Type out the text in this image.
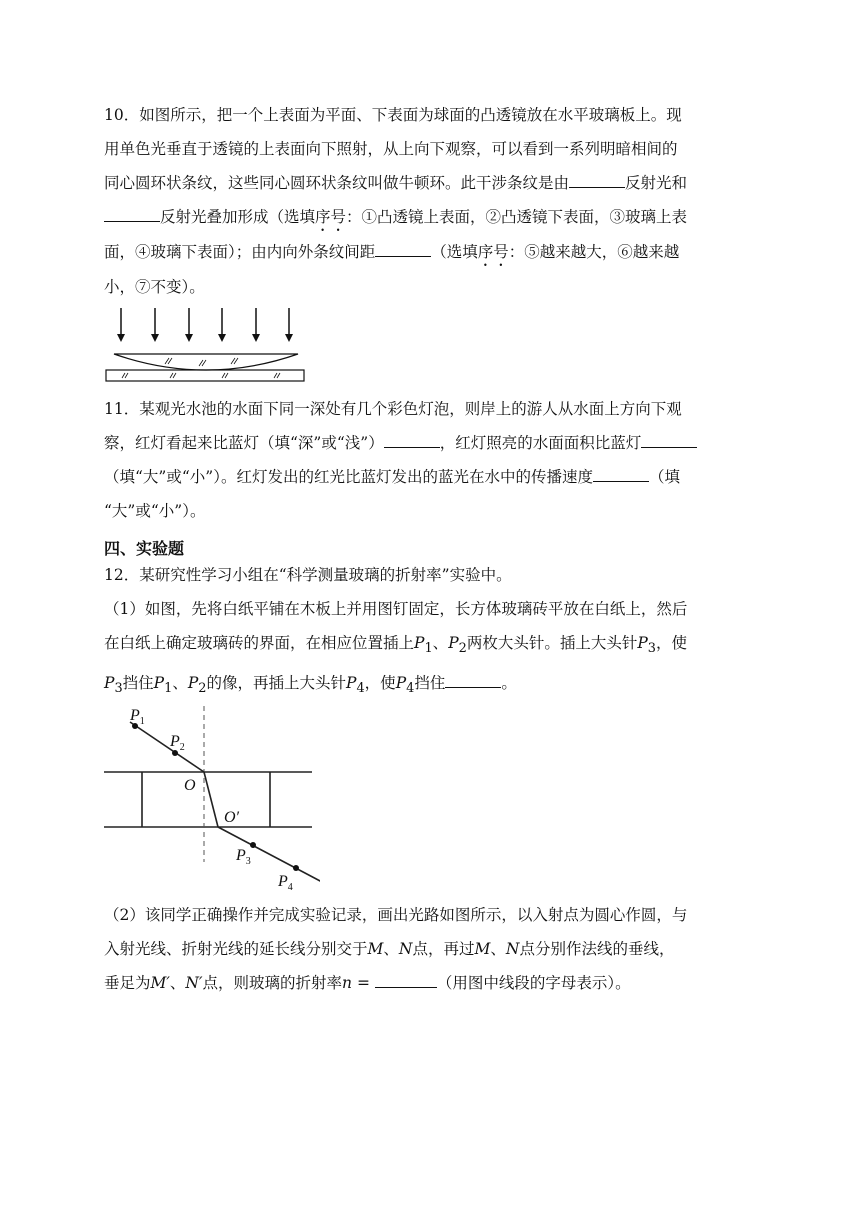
10．如图所示，把一个上表面为平面、下表面为球面的凸透镜放在水平玻璃板上。现
用单色光垂直于透镜的上表面向下照射，从上向下观察，可以看到一系列明暗相间的
同心圆环状条纹，这些同心圆环状条纹叫做牛顿环。此干涉条纹是由	反射光和
反射光叠加形成（选填序号：①凸透镜上表面，②凸透镜下表面，③玻璃上表
面，④玻璃下表面）；由内向外条纹间距	（选填序号：⑤越来越大，⑥越来越
小，⑦不变）。
11．某观光水池的水面下同一深处有几个彩色灯泡，则岸上的游人从水面上方向下观
察，红灯看起来比蓝灯（填“深”或“浅”）	，红灯照亮的水面面积比蓝灯
（填“大”或“小”）。红灯发出的红光比蓝灯发出的蓝光在水中的传播速度	（填
“大”或“小”）。
四、实验题
12．某研究性学习小组在“科学测量玻璃的折射率”实验中。
（1）如图，先将白纸平铺在木板上并用图钉固定，长方体玻璃砖平放在白纸上，然后
在白纸上确定玻璃砖的界面，在相应位置插上$P_1$、$P_2$两枚大头针。插上大头针$P_3$，使
$P_3$挡住$P_1$、$P_2$的像，再插上大头针$P_4$，使$P_4$挡住	。
$P_1$
$P_2$
O
O′
$P_3$
$P_4$
（2）该同学正确操作并完成实验记录，画出光路如图所示，以入射点为圆心作圆，与
入射光线、折射光线的延长线分别交于M、N点，再过M、N点分别作法线的垂线，
垂足为M′、N′点，则玻璃的折射率n =	（用图中线段的字母表示）。
